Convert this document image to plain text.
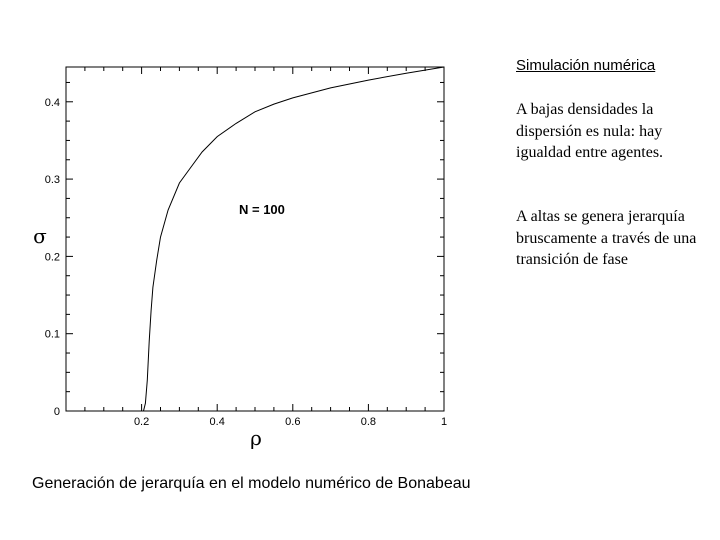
0.2	0.4	0.6	0.8	1
0
0.1
0.2
0.3
0.4
N = 100
σ
ρ
Simulación numérica
A bajas densidades la dispersión es nula: hay igualdad entre agentes.
A altas se genera jerarquía bruscamente a través de una transición de fase
Generación de jerarquía en el modelo numérico de Bonabeau
